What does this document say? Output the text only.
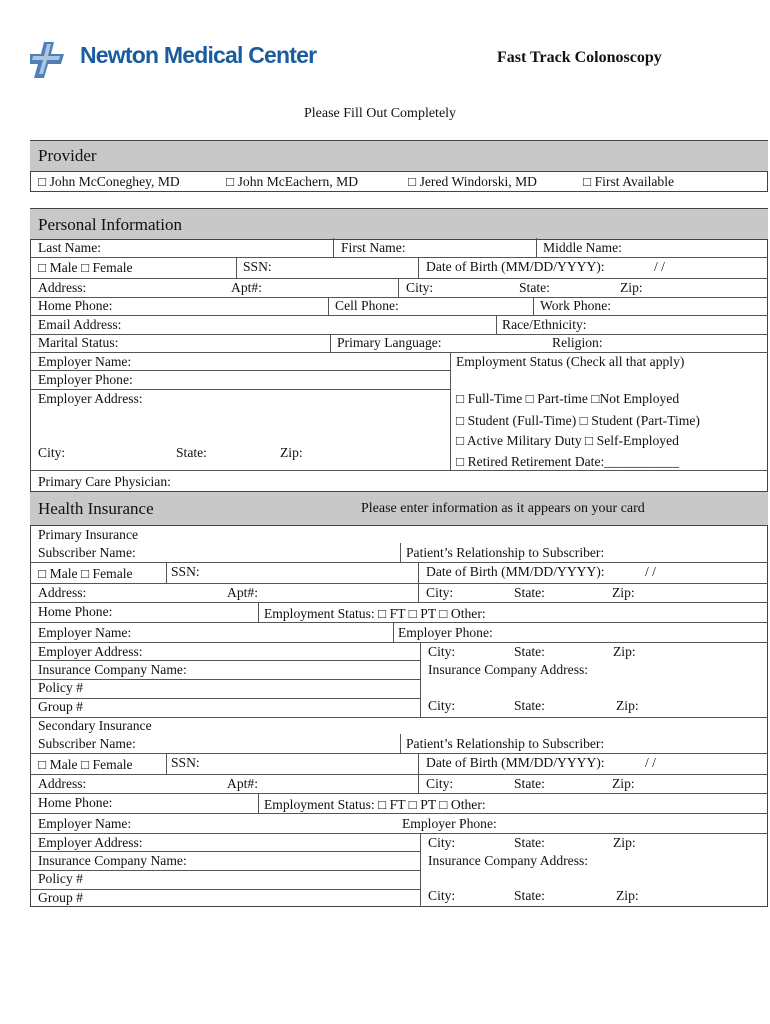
Newton Medical Center	Fast Track Colonoscopy
Please Fill Out Completely
Provider
□ John McConeghey, MD	□ John McEachern, MD	□ Jered Windorski, MD	□ First Available
Personal Information
Last Name:	First Name:	Middle Name:
□ Male □ Female	SSN:	Date of Birth (MM/DD/YYYY):	/ /
Address:	Apt#:	City:	State:	Zip:
Home Phone:	Cell Phone:	Work Phone:
Email Address:	Race/Ethnicity:
Marital Status:	Primary Language:	Religion:
Employer Name:	Employment Status (Check all that apply)
Employer Phone:
Employer Address:	□ Full-Time □ Part-time □Not Employed
□ Student (Full-Time) □ Student (Part-Time)
□ Active Military Duty □ Self-Employed
City:	State:	Zip:
□ Retired Retirement Date:___________
Primary Care Physician:
Health Insurance	Please enter information as it appears on your card
Primary Insurance
Subscriber Name:	Patient’s Relationship to Subscriber:
□ Male □ Female	SSN:	Date of Birth (MM/DD/YYYY):	/ /
Address:	Apt#:	City:	State:	Zip:
Home Phone:	Employment Status: □ FT □ PT □ Other:
Employer Name:	Employer Phone:
Employer Address:	City:	State:	Zip:
Insurance Company Name:	Insurance Company Address:
Policy #
Group #	City:	State:	Zip:
Secondary Insurance
Subscriber Name:	Patient’s Relationship to Subscriber:
□ Male □ Female	SSN:	Date of Birth (MM/DD/YYYY):	/ /
Address:	Apt#:	City:	State:	Zip:
Home Phone:	Employment Status: □ FT □ PT □ Other:
Employer Name:	Employer Phone:
Employer Address:	City:	State:	Zip:
Insurance Company Name:	Insurance Company Address:
Policy #
Group #	City:	State:	Zip:
